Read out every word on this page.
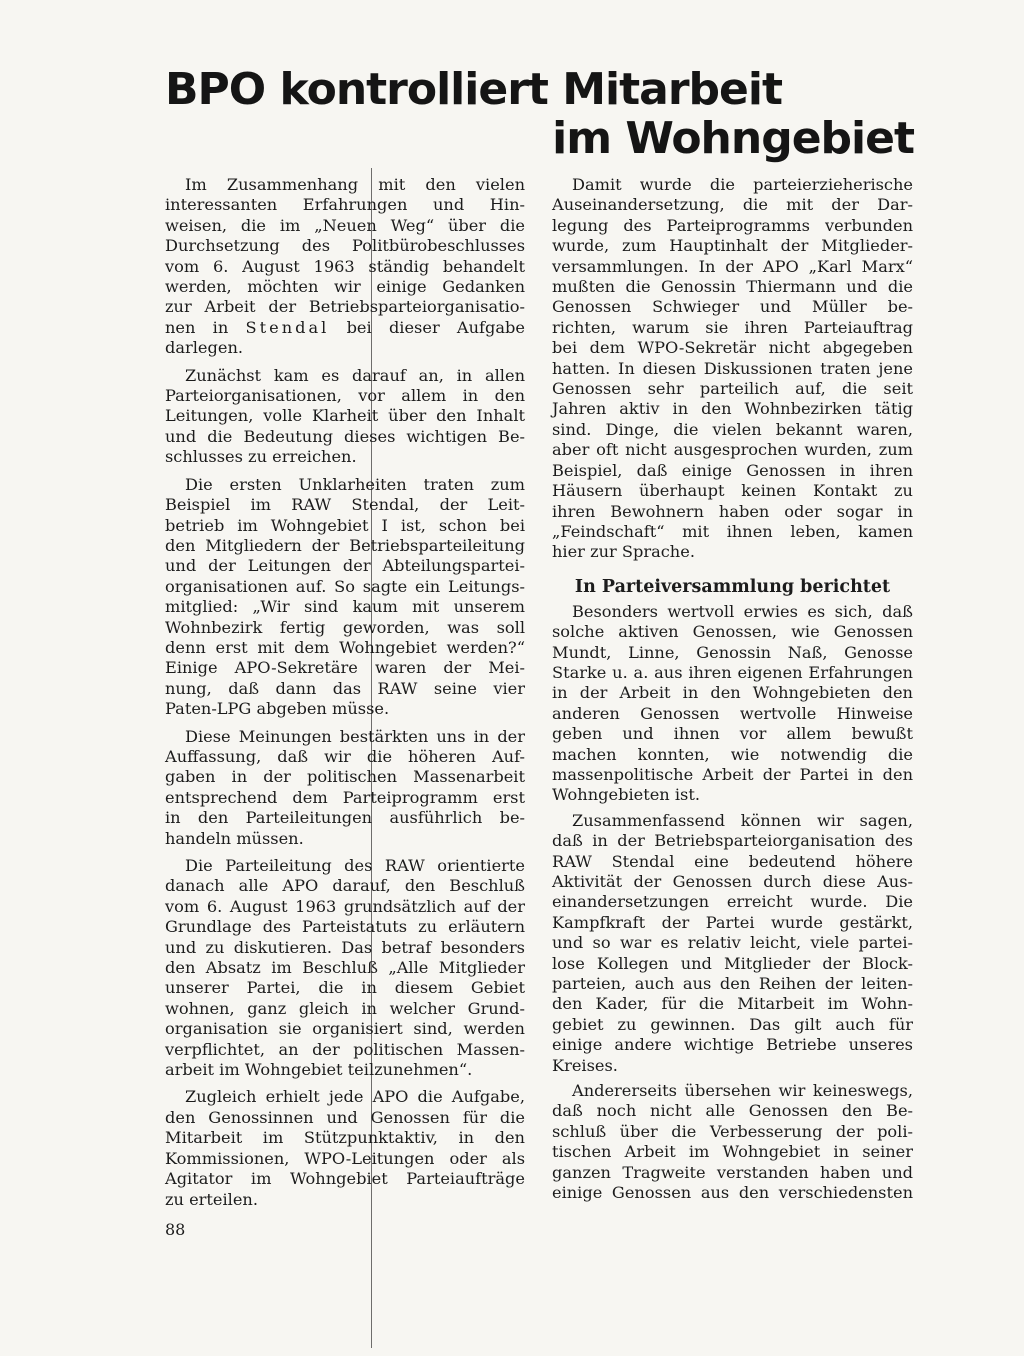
BPO kontrolliert Mitarbeit
im Wohngebiet

Im Zusammenhang mit den vielen
interessanten Erfahrungen und Hin-
weisen, die im „Neuen Weg“ über die
Durchsetzung des Politbürobeschlusses
vom 6. August 1963 ständig behandelt
werden, möchten wir einige Gedanken
zur Arbeit der Betriebsparteiorganisatio-
nen in Stendal bei dieser Aufgabe
darlegen.

Zunächst kam es darauf an, in allen
Parteiorganisationen, vor allem in den
Leitungen, volle Klarheit über den Inhalt
und die Bedeutung dieses wichtigen Be-
schlusses zu erreichen.

Die ersten Unklarheiten traten zum
Beispiel im RAW Stendal, der Leit-
betrieb im Wohngebiet I ist, schon bei
den Mitgliedern der Betriebsparteileitung
und der Leitungen der Abteilungspartei-
organisationen auf. So sagte ein Leitungs-
mitglied: „Wir sind kaum mit unserem
Wohnbezirk fertig geworden, was soll
denn erst mit dem Wohngebiet werden?“
Einige APO-Sekretäre waren der Mei-
nung, daß dann das RAW seine vier
Paten-LPG abgeben müsse.

Diese Meinungen bestärkten uns in der
Auffassung, daß wir die höheren Auf-
gaben in der politischen Massenarbeit
entsprechend dem Parteiprogramm erst
in den Parteileitungen ausführlich be-
handeln müssen.

Die Parteileitung des RAW orientierte
danach alle APO darauf, den Beschluß
vom 6. August 1963 grundsätzlich auf der
Grundlage des Parteistatuts zu erläutern
und zu diskutieren. Das betraf besonders
den Absatz im Beschluß „Alle Mitglieder
unserer Partei, die in diesem Gebiet
wohnen, ganz gleich in welcher Grund-
organisation sie organisiert sind, werden
verpflichtet, an der politischen Massen-
arbeit im Wohngebiet teilzunehmen“.

Zugleich erhielt jede APO die Aufgabe,
den Genossinnen und Genossen für die
Mitarbeit im Stützpunktaktiv, in den
Kommissionen, WPO-Leitungen oder als
Agitator im Wohngebiet Parteiaufträge
zu erteilen.

Damit wurde die parteierzieherische
Auseinandersetzung, die mit der Dar-
legung des Parteiprogramms verbunden
wurde, zum Hauptinhalt der Mitglieder-
versammlungen. In der APO „Karl Marx“
mußten die Genossin Thiermann und die
Genossen Schwieger und Müller be-
richten, warum sie ihren Parteiauftrag
bei dem WPO-Sekretär nicht abgegeben
hatten. In diesen Diskussionen traten jene
Genossen sehr parteilich auf, die seit
Jahren aktiv in den Wohnbezirken tätig
sind. Dinge, die vielen bekannt waren,
aber oft nicht ausgesprochen wurden, zum
Beispiel, daß einige Genossen in ihren
Häusern überhaupt keinen Kontakt zu
ihren Bewohnern haben oder sogar in
„Feindschaft“ mit ihnen leben, kamen
hier zur Sprache.

In Parteiversammlung berichtet

Besonders wertvoll erwies es sich, daß
solche aktiven Genossen, wie Genossen
Mundt, Linne, Genossin Naß, Genosse
Starke u. a. aus ihren eigenen Erfahrungen
in der Arbeit in den Wohngebieten den
anderen Genossen wertvolle Hinweise
geben und ihnen vor allem bewußt
machen konnten, wie notwendig die
massenpolitische Arbeit der Partei in den
Wohngebieten ist.

Zusammenfassend können wir sagen,
daß in der Betriebsparteiorganisation des
RAW Stendal eine bedeutend höhere
Aktivität der Genossen durch diese Aus-
einandersetzungen erreicht wurde. Die
Kampfkraft der Partei wurde gestärkt,
und so war es relativ leicht, viele partei-
lose Kollegen und Mitglieder der Block-
parteien, auch aus den Reihen der leiten-
den Kader, für die Mitarbeit im Wohn-
gebiet zu gewinnen. Das gilt auch für
einige andere wichtige Betriebe unseres
Kreises.

Andererseits übersehen wir keineswegs,
daß noch nicht alle Genossen den Be-
schluß über die Verbesserung der poli-
tischen Arbeit im Wohngebiet in seiner
ganzen Tragweite verstanden haben und
einige Genossen aus den verschiedensten

88
